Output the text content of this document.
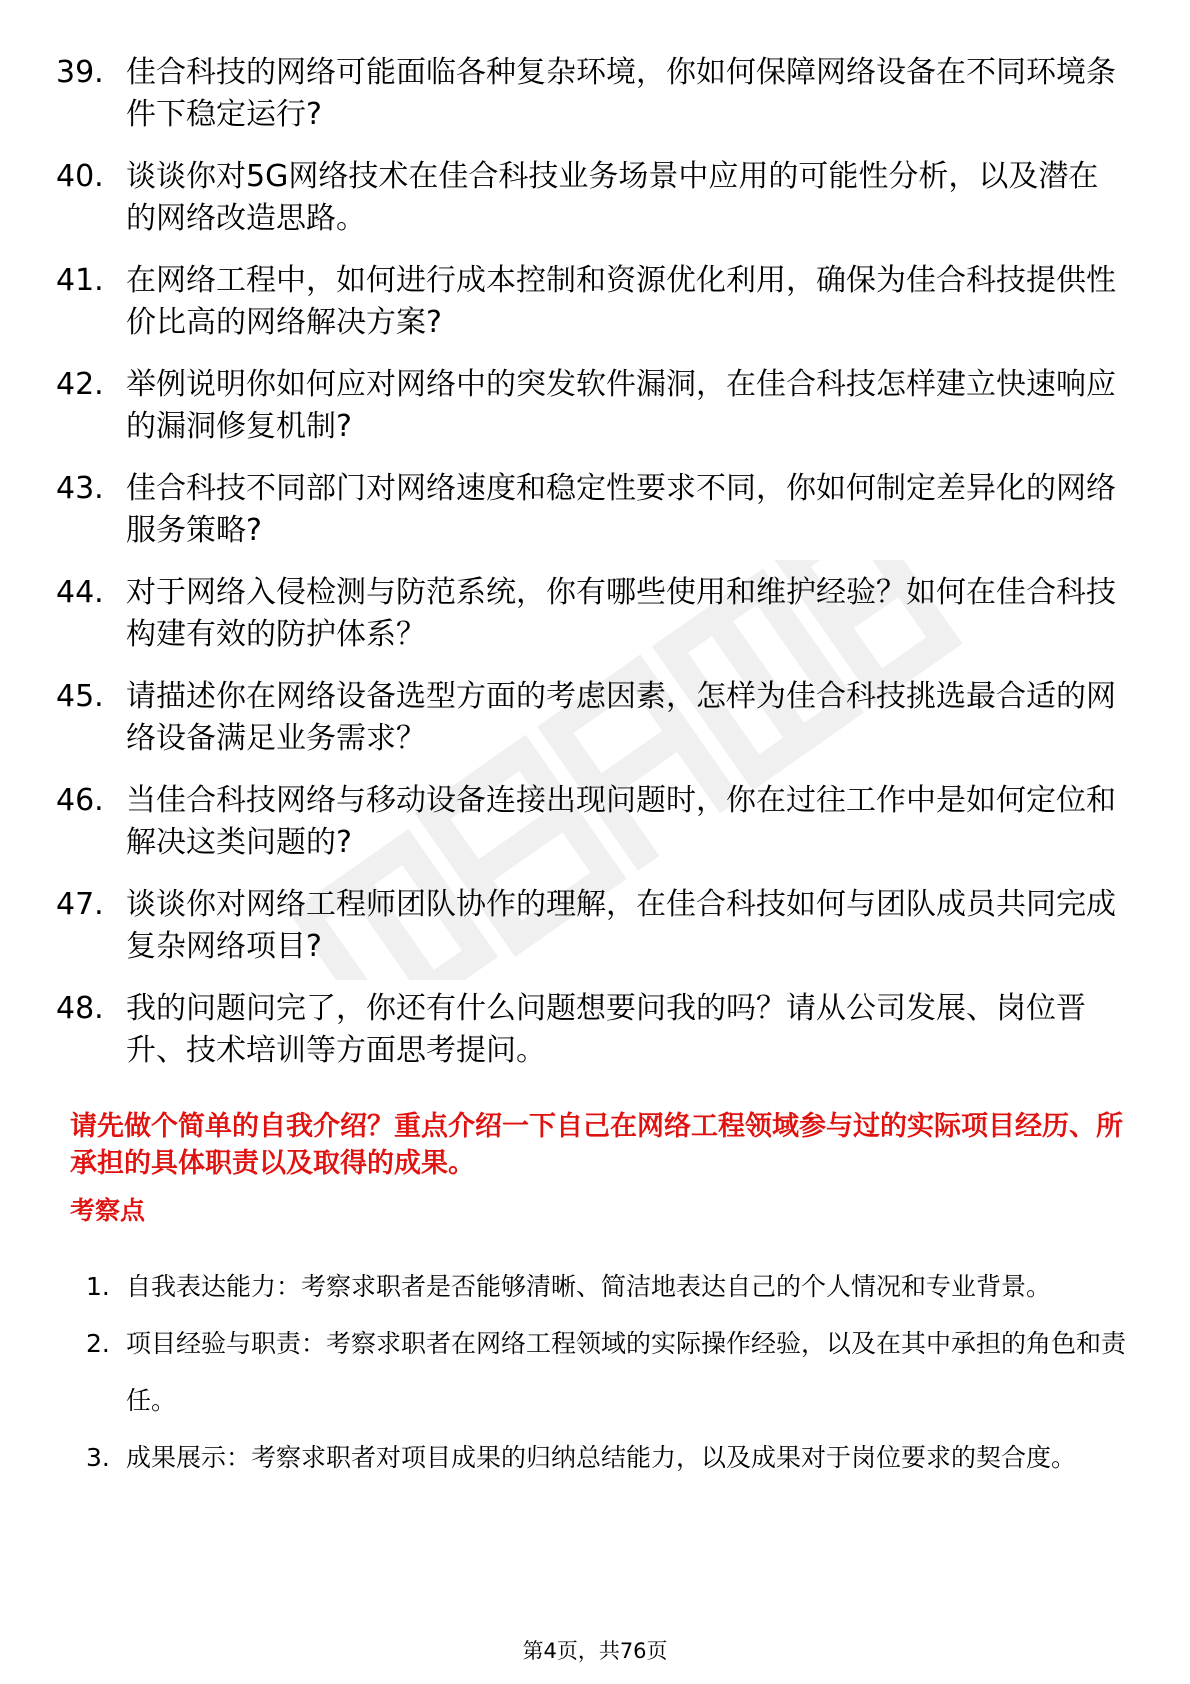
39. 佳合科技的网络可能面临各种复杂环境，你如何保障网络设备在不同环境条件下稳定运行?
40. 谈谈你对5G网络技术在佳合科技业务场景中应用的可能性分析，以及潜在的网络改造思路。
41. 在网络工程中，如何进行成本控制和资源优化利用，确保为佳合科技提供性价比高的网络解决方案?
42. 举例说明你如何应对网络中的突发软件漏洞，在佳合科技怎样建立快速响应的漏洞修复机制?
43. 佳合科技不同部门对网络速度和稳定性要求不同，你如何制定差异化的网络服务策略?
44. 对于网络入侵检测与防范系统，你有哪些使用和维护经验？如何在佳合科技构建有效的防护体系？
45. 请描述你在网络设备选型方面的考虑因素，怎样为佳合科技挑选最合适的网络设备满足业务需求？
46. 当佳合科技网络与移动设备连接出现问题时，你在过往工作中是如何定位和解决这类问题的?
47. 谈谈你对网络工程师团队协作的理解，在佳合科技如何与团队成员共同完成复杂网络项目?
48. 我的问题问完了，你还有什么问题想要问我的吗？请从公司发展、岗位晋升、技术培训等方面思考提问。
请先做个简单的自我介绍？重点介绍一下自己在网络工程领域参与过的实际项目经历、所承担的具体职责以及取得的成果。
考察点
1. 自我表达能力：考察求职者是否能够清晰、简洁地表达自己的个人情况和专业背景。
2. 项目经验与职责：考察求职者在网络工程领域的实际操作经验，以及在其中承担的角色和责任。
3. 成果展示：考察求职者对项目成果的归纳总结能力，以及成果对于岗位要求的契合度。
第4页，共76页
